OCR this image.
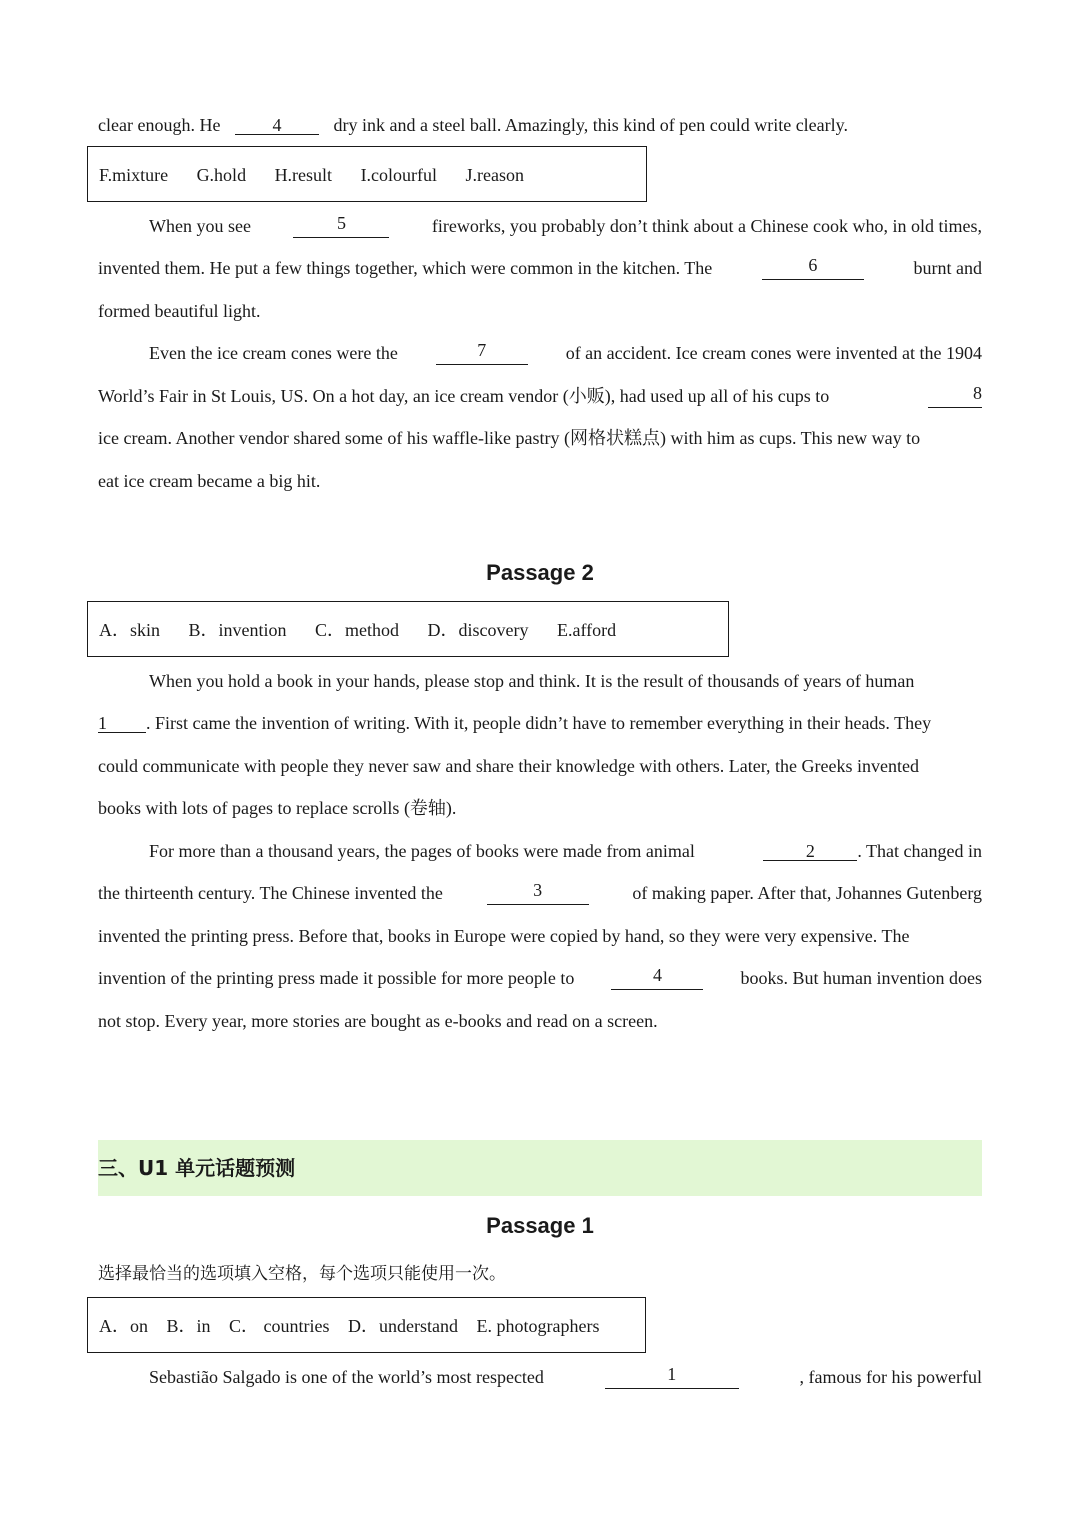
clear enough. He	4	dry ink and a steel ball. Amazingly, this kind of pen could write clearly.
F.mixture G.hold H.result I.colourful J.reason
When you see	5	fireworks, you probably don’t think about a Chinese cook who, in old times,
invented them. He put a few things together, which were common in the kitchen. The	6	burnt and
formed beautiful light.
Even the ice cream cones were the	7	of an accident. Ice cream cones were invented at the 1904
World’s Fair in St Louis, US. On a hot day, an ice cream vendor (小贩), had used up all of his cups to	8
ice cream. Another vendor shared some of his waffle-like pastry (网格状糕点) with him as cups. This new way to
eat ice cream became a big hit.
Passage 2
A．skin B．invention C．method D．discovery E.afford
When you hold a book in your hands, please stop and think. It is the result of thousands of years of human
1 . First came the invention of writing. With it, people didn’t have to remember everything in their heads. They
could communicate with people they never saw and share their knowledge with others. Later, the Greeks invented
books with lots of pages to replace scrolls (卷轴).
For more than a thousand years, the pages of books were made from animal	2 . That changed in
the thirteenth century. The Chinese invented the	3	of making paper. After that, Johannes Gutenberg
invented the printing press. Before that, books in Europe were copied by hand, so they were very expensive. The
invention of the printing press made it possible for more people to	4	books. But human invention does
not stop. Every year, more stories are bought as e-books and read on a screen.
三、U1 单元话题预测
Passage 1
选择最恰当的选项填入空格，每个选项只能使用一次。
A．on B．in C． countries D．understand E. photographers
Sebastião Salgado is one of the world’s most respected	1	, famous for his powerful
